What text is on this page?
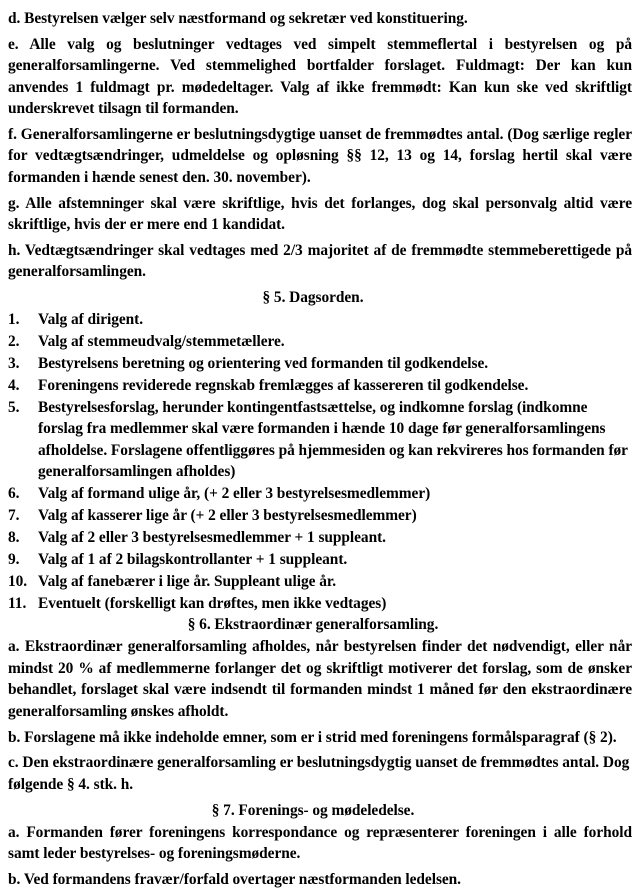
d. Bestyrelsen vælger selv næstformand og sekretær ved konstituering.

e. Alle valg og beslutninger vedtages ved simpelt stemmeflertal i bestyrelsen og på generalforsamlingerne. Ved stemmelighed bortfalder forslaget. Fuldmagt: Der kan kun anvendes 1 fuldmagt pr. mødedeltager. Valg af ikke fremmødt: Kan kun ske ved skriftligt underskrevet tilsagn til formanden.

f. Generalforsamlingerne er beslutningsdygtige uanset de fremmødtes antal. (Dog særlige regler for vedtægtsændringer, udmeldelse og opløsning §§ 12, 13 og 14, forslag hertil skal være formanden i hænde senest den. 30. november).

g. Alle afstemninger skal være skriftlige, hvis det forlanges, dog skal personvalg altid være skriftlige, hvis der er mere end 1 kandidat.

h. Vedtægtsændringer skal vedtages med 2/3 majoritet af de fremmødte stemmeberettigede på generalforsamlingen.

§ 5. Dagsorden.

1.	Valg af dirigent.
2.	Valg af stemmeudvalg/stemmetællere.
3.	Bestyrelsens beretning og orientering ved formanden til godkendelse.
4.	Foreningens reviderede regnskab fremlægges af kassereren til godkendelse.
5.	Bestyrelsesforslag, herunder kontingentfastsættelse, og indkomne forslag (indkomne forslag fra medlemmer skal være formanden i hænde 10 dage før generalforsamlingens afholdelse. Forslagene offentliggøres på hjemmesiden og kan rekvireres hos formanden før generalforsamlingen afholdes)
6.	Valg af formand ulige år, (+ 2 eller 3 bestyrelsesmedlemmer)
7.	Valg af kasserer lige år (+ 2 eller 3 bestyrelsesmedlemmer)
8.	Valg af 2 eller 3 bestyrelsesmedlemmer + 1 suppleant.
9.	Valg af 1 af 2 bilagskontrollanter + 1 suppleant.
10. Valg af fanebærer i lige år. Suppleant ulige år.
11. Eventuelt (forskelligt kan drøftes, men ikke vedtages)

§ 6. Ekstraordinær generalforsamling.

a. Ekstraordinær generalforsamling afholdes, når bestyrelsen finder det nødvendigt, eller når mindst 20 % af medlemmerne forlanger det og skriftligt motiverer det forslag, som de ønsker behandlet, forslaget skal være indsendt til formanden mindst 1 måned før den ekstraordinære generalforsamling ønskes afholdt.

b. Forslagene må ikke indeholde emner, som er i strid med foreningens formålsparagraf (§ 2).

c. Den ekstraordinære generalforsamling er beslutningsdygtig uanset de fremmødtes antal. Dog følgende § 4. stk. h.

§ 7. Forenings- og mødeledelse.

a. Formanden fører foreningens korrespondance og repræsenterer foreningen i alle forhold samt leder bestyrelses- og foreningsmøderne.

b. Ved formandens fravær/forfald overtager næstformanden ledelsen.
